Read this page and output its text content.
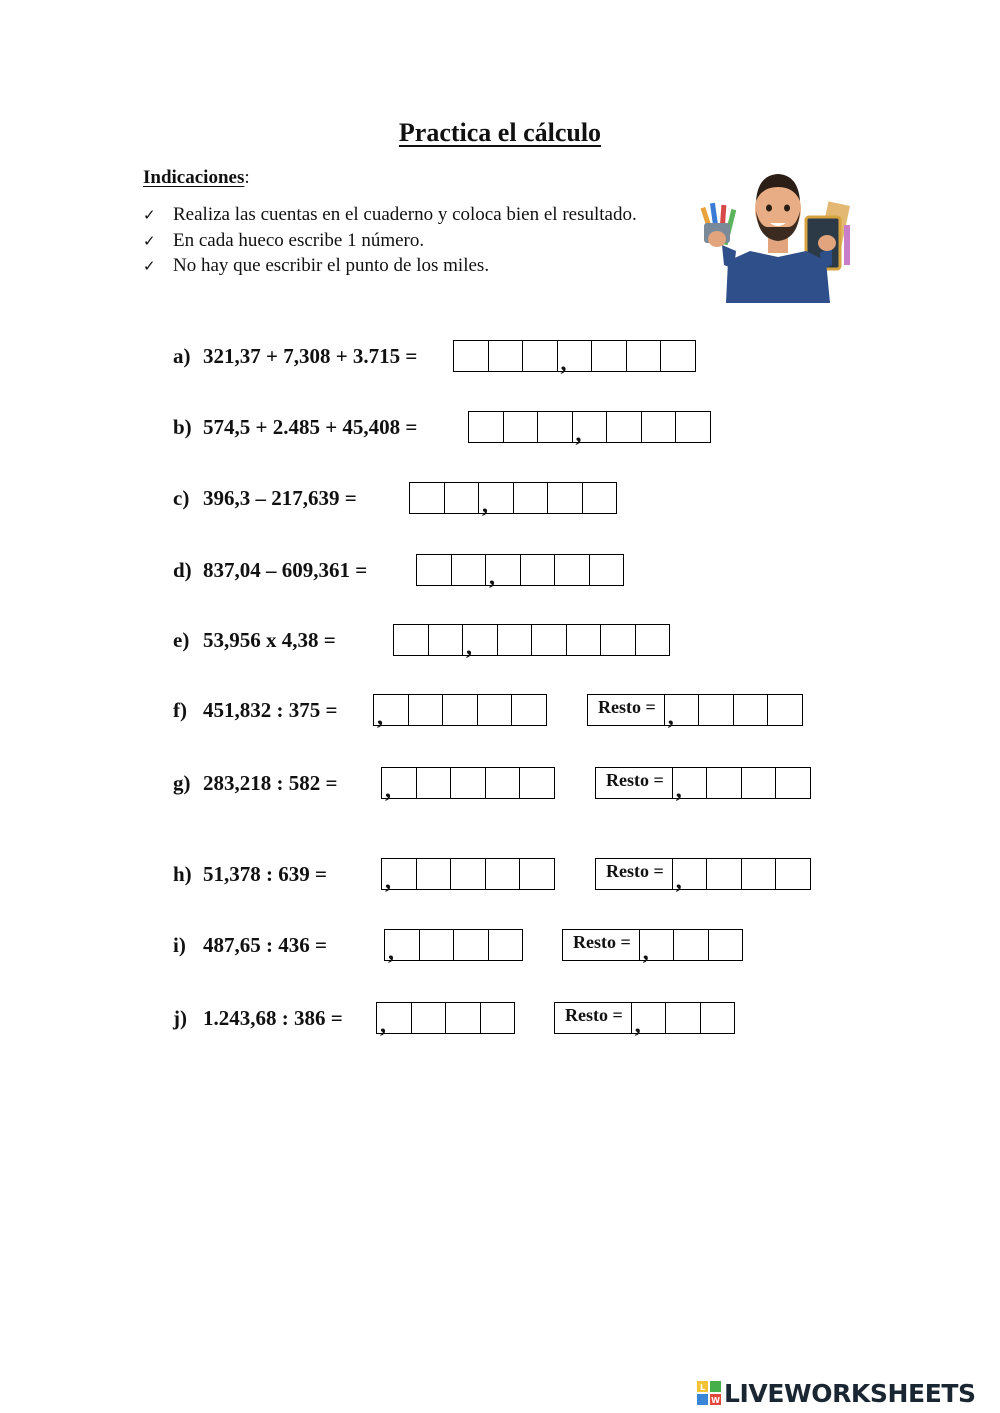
Practica el cálculo
Indicaciones:
✓ Realiza las cuentas en el cuaderno y coloca bien el resultado.
✓ En cada hueco escribe 1 número.
✓ No hay que escribir el punto de los miles.
a) 321,37 + 7,308 + 3.715 =	,
b) 574,5 + 2.485 + 45,408 =	,
c) 396,3 – 217,639 =	,
d) 837,04 – 609,361 =	,
e) 53,956 x 4,38 =	,
f) 451,832 : 375 = ,	Resto = ,
g) 283,218 : 582 = ,	Resto = ,
h) 51,378 : 639 = ,	Resto = ,
i) 487,65 : 436 =	,	Resto = ,
j) 1.243,68 : 386 = ,	Resto = ,
L
W LIVEWORKSHEETS
